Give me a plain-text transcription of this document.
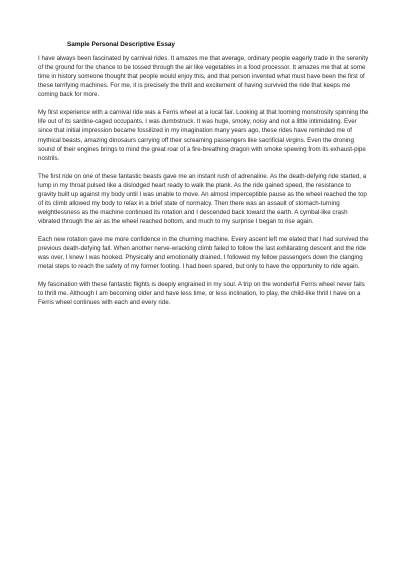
Sample Personal Descriptive Essay

I have always been fascinated by carnival rides. It amazes me that average, ordinary people eagerly trade in the serenity of the ground for the chance to be tossed through the air like vegetables in a food processor. It amazes me that at some time in history someone thought that people would enjoy this, and that person invented what must have been the first of these terrifying machines. For me, it is precisely the thrill and excitement of having survived the ride that keeps me coming back for more.

My first experience with a carnival ride was a Ferris wheel at a local fair. Looking at that looming monstrosity spinning the life out of its sardine-caged occupants, I was dumbstruck. It was huge, smoky, noisy and not a little intimidating. Ever since that initial impression became fossilized in my imagination many years ago, these rides have reminded me of mythical beasts, amazing dinosaurs carrying off their screaming passengers like sacrificial virgins. Even the droning sound of their engines brings to mind the great roar of a fire-breathing dragon with smoke spewing from its exhaust-pipe nostrils.

The first ride on one of these fantastic beasts gave me an instant rush of adrenaline. As the death-defying ride started, a lump in my throat pulsed like a dislodged heart ready to walk the plank. As the ride gained speed, the resistance to gravity built up against my body until I was unable to move. An almost imperceptible pause as the wheel reached the top of its climb allowed my body to relax in a brief state of normalcy. Then there was an assault of stomach-turning weightlessness as the machine continued its rotation and I descended back toward the earth. A cymbal-like crash vibrated through the air as the wheel reached bottom, and much to my surprise I began to rise again.

Each new rotation gave me more confidence in the churning machine. Every ascent left me elated that I had survived the previous death-defying fall. When another nerve-wracking climb failed to follow the last exhilarating descent and the ride was over, I knew I was hooked. Physically and emotionally drained, I followed my fellow passengers down the clanging metal steps to reach the safety of my former footing. I had been spared, but only to have the opportunity to ride again.

My fascination with these fantastic flights is deeply engrained in my soul. A trip on the wonderful Ferris wheel never fails to thrill me. Although I am becoming older and have less time, or less inclination, to play, the child-like thrill I have on a Ferris wheel continues with each and every ride.
